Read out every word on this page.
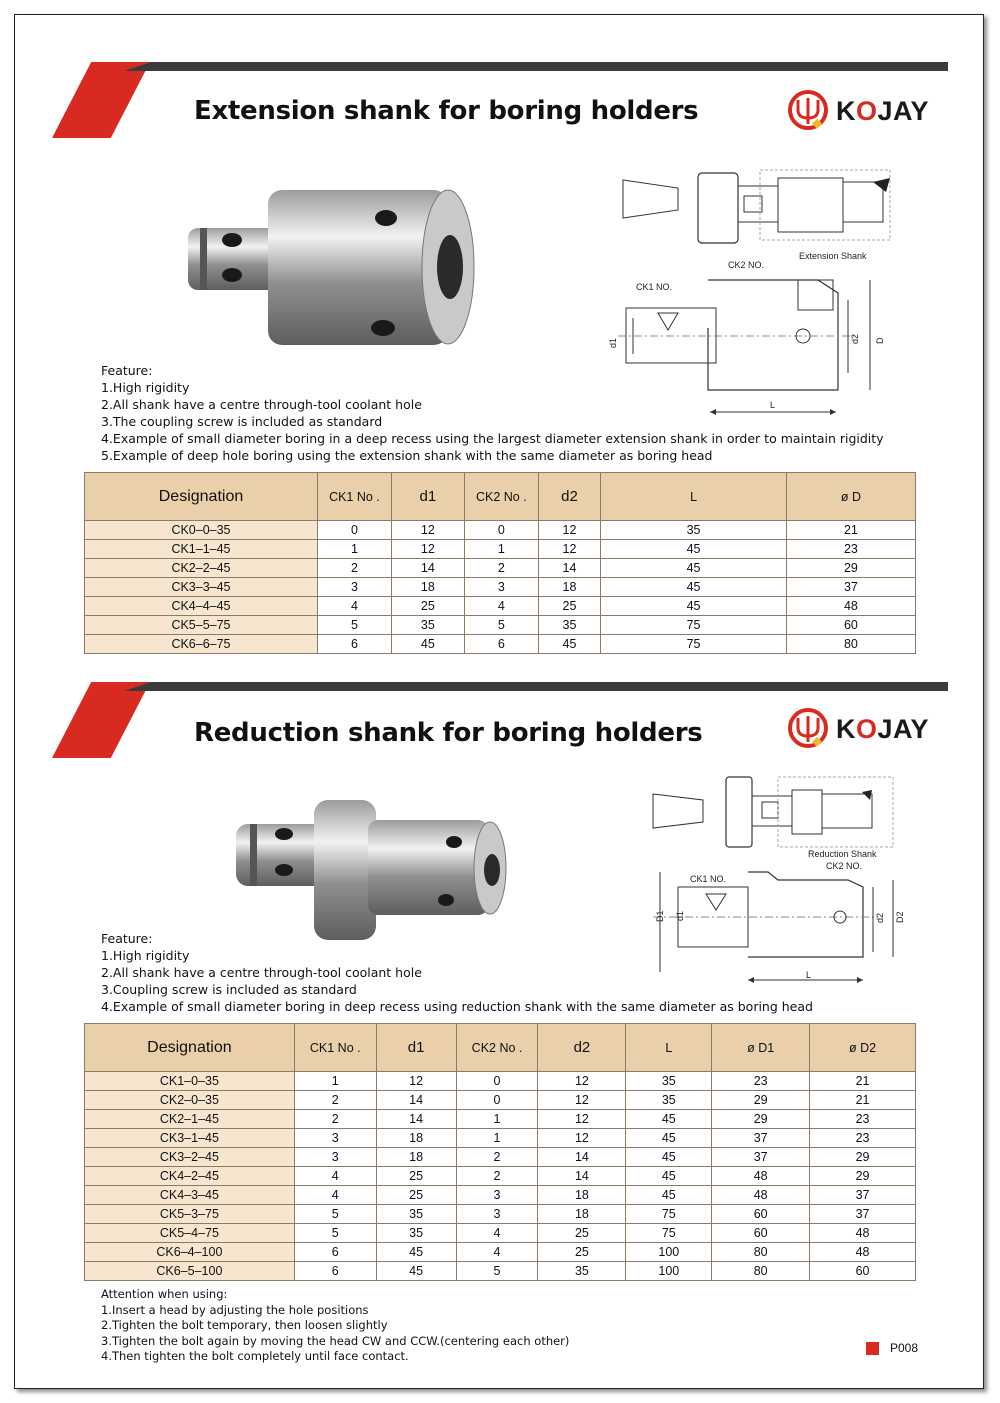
Extension shank for boring holders	KOJAY
Extension Shank
CK2 NO.
CK1 NO.
d1	d2 D
L
Feature:
1.High rigidity
2.All shank have a centre through-tool coolant hole
3.The coupling screw is included as standard
4.Example of small diameter boring in a deep recess using the largest diameter extension shank in order to maintain rigidity
5.Example of deep hole boring using the extension shank with the same diameter as boring head
Designation	CK1 No .	d1	CK2 No .	d2	L	ø D
CK0–0–35	0	12	0	12	35	21
CK1–1–45	1	12	1	12	45	23
CK2–2–45	2	14	2	14	45	29
CK3–3–45	3	18	3	18	45	37
CK4–4–45	4	25	4	25	45	48
CK5–5–75	5	35	5	35	75	60
CK6–6–75	6	45	6	45	75	80
Reduction shank for boring holders	KOJAY
Reduction Shank
CK2 NO.
CK1 NO.
D1 d1	d2 D2
L
Feature:
1.High rigidity
2.All shank have a centre through-tool coolant hole
3.Coupling screw is included as standard
4.Example of small diameter boring in deep recess using reduction shank with the same diameter as boring head
Designation	CK1 No .	d1	CK2 No .	d2	L	ø D1	ø D2
CK1–0–35	1	12	0	12	35	23	21
CK2–0–35	2	14	0	12	35	29	21
CK2–1–45	2	14	1	12	45	29	23
CK3–1–45	3	18	1	12	45	37	23
CK3–2–45	3	18	2	14	45	37	29
CK4–2–45	4	25	2	14	45	48	29
CK4–3–45	4	25	3	18	45	48	37
CK5–3–75	5	35	3	18	75	60	37
CK5–4–75	5	35	4	25	75	60	48
CK6–4–100	6	45	4	25	100	80	48
CK6–5–100	6	45	5	35	100	80	60
Attention when using:
1.Insert a head by adjusting the hole positions
2.Tighten the bolt temporary, then loosen slightly
3.Tighten the bolt again by moving the head CW and CCW.(centering each other)
4.Then tighten the bolt completely until face contact.
P008
